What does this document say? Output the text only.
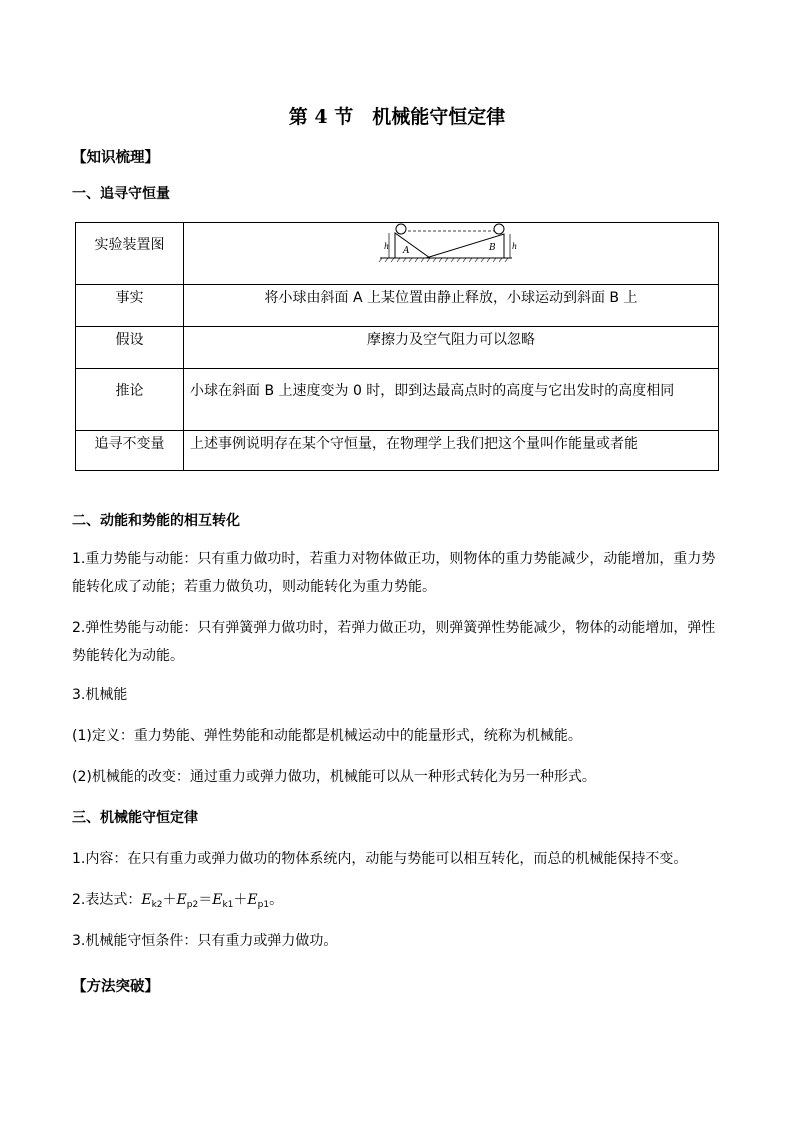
第 4 节　机械能守恒定律
【知识梳理】
一、追寻守恒量
实验装置图	h h
A B

事实	将小球由斜面 A 上某位置由静止释放，小球运动到斜面 B 上
假设	摩擦力及空气阻力可以忽略
推论	小球在斜面 B 上速度变为 0 时，即到达最高点时的高度与它出发时的高度相同
追寻不变量	上述事例说明存在某个守恒量，在物理学上我们把这个量叫作能量或者能
二、动能和势能的相互转化
1.重力势能与动能：只有重力做功时，若重力对物体做正功，则物体的重力势能减少，动能增加，重力势能转化成了动能；若重力做负功，则动能转化为重力势能。
2.弹性势能与动能：只有弹簧弹力做功时，若弹力做正功，则弹簧弹性势能减少，物体的动能增加，弹性势能转化为动能。
3.机械能
(1)定义：重力势能、弹性势能和动能都是机械运动中的能量形式，统称为机械能。
(2)机械能的改变：通过重力或弹力做功，机械能可以从一种形式转化为另一种形式。
三、机械能守恒定律
1.内容：在只有重力或弹力做功的物体系统内，动能与势能可以相互转化，而总的机械能保持不变。
2.表达式：$E_{k2}+E_{p2}=E_{k1}+E_{p1}$。
3.机械能守恒条件：只有重力或弹力做功。
【方法突破】
